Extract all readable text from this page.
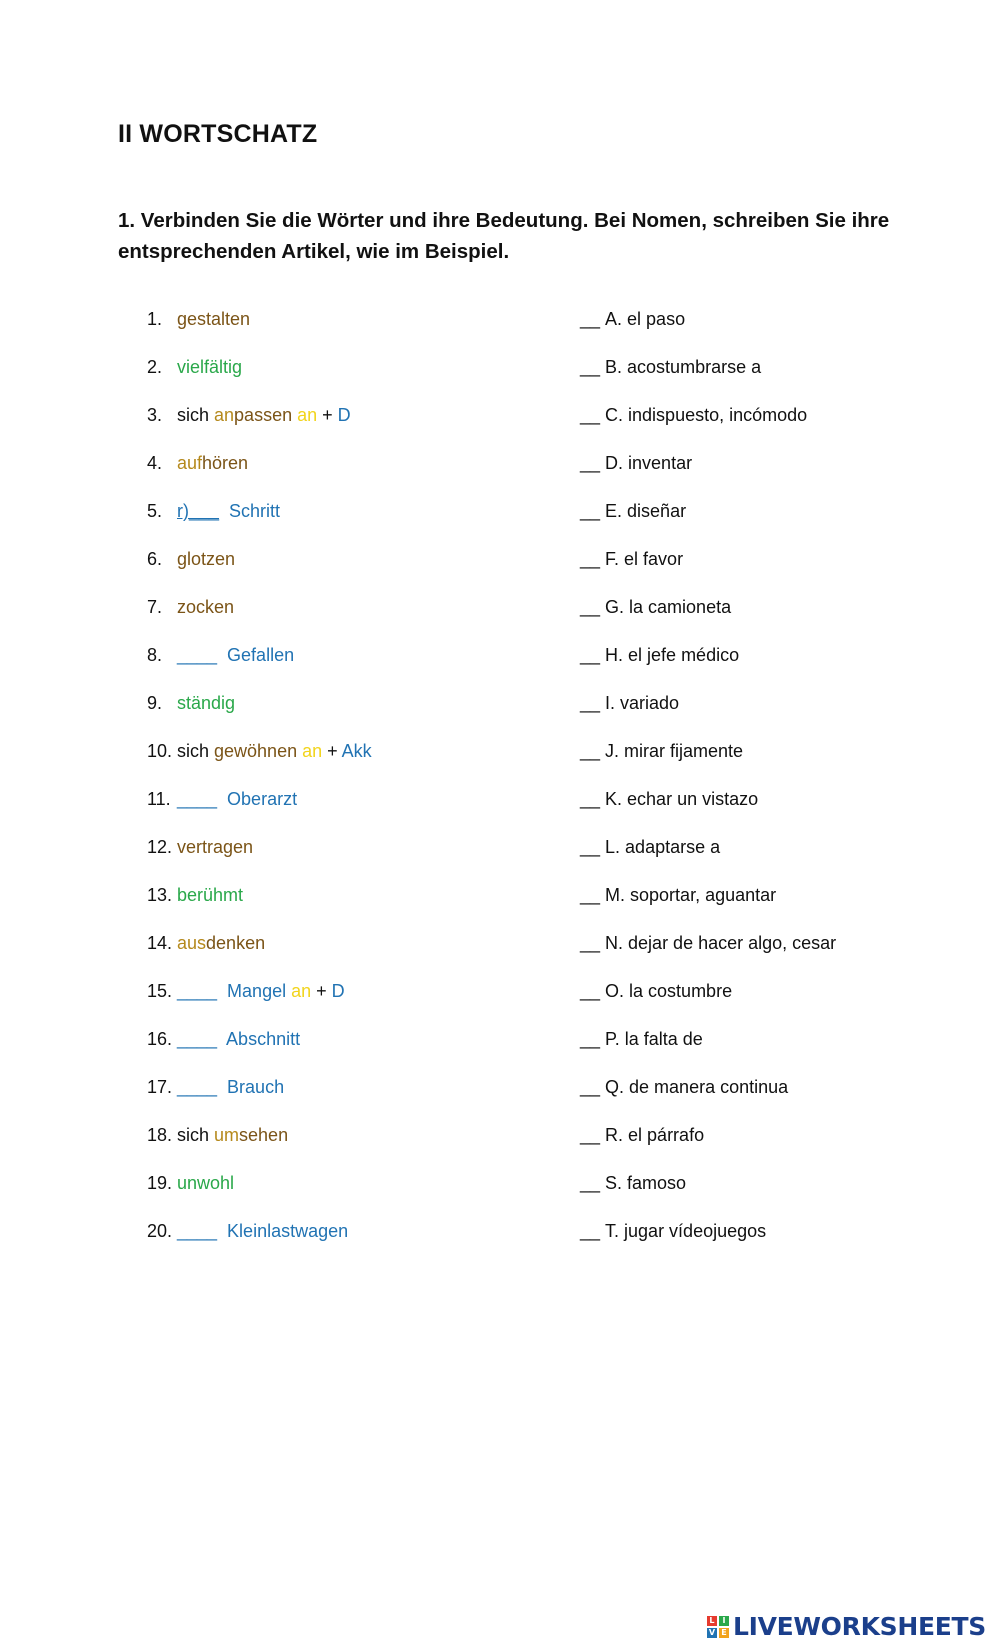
II WORTSCHATZ
1. Verbinden Sie die Wörter und ihre Bedeutung. Bei Nomen, schreiben Sie ihre entsprechenden Artikel, wie im Beispiel.
1. gestalten
2. vielfältig
3. sich anpassen an + D
4. aufhören
5. r)___  Schritt
6. glotzen
7. zocken
8. ____  Gefallen
9. ständig
10. sich gewöhnen an + Akk
11. ____  Oberarzt
12. vertragen
13. berühmt
14. ausdenken
15. ____  Mangel an + D
16. ____  Abschnitt
17. ____  Brauch
18. sich umsehen
19. unwohl
20. ____  Kleinlastwagen
__ A. el paso
__ B. acostumbrarse a
__ C. indispuesto, incómodo
__ D. inventar
__ E. diseñar
__ F. el favor
__ G. la camioneta
__ H. el jefe médico
__ I. variado
__ J. mirar fijamente
__ K. echar un vistazo
__ L. adaptarse a
__ M. soportar, aguantar
__ N. dejar de hacer algo, cesar
__ O. la costumbre
__ P. la falta de
__ Q. de manera continua
__ R. el párrafo
__ S. famoso
__ T. jugar vídeojuegos
L I
V E LIVEWORKSHEETS
